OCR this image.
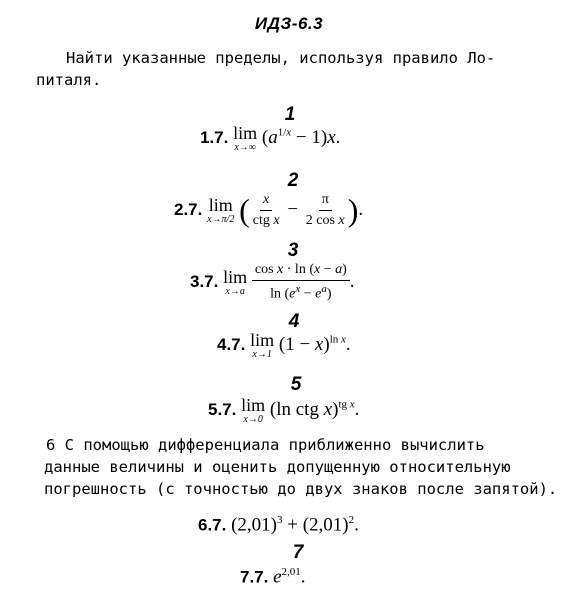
ИДЗ-6.3
Найти указанные пределы, используя правило Ло-
питаля.
1
1.7. lim
x→∞ $(a^{1/x} - 1)x$.
2
2.7. lim
x→π/2 ( $\frac{x}{\text{ctg x}} - \frac{\pi}{\text{2 cos x}}$ ).
3
3.7. lim
x→a
$\frac{\text{cos x · ln (x − a)}}{\ln (e^x - e^a)}$ .
4
4.7. lim
x→1 $(1 - x)^{ln x}$.
5
5.7. lim
x→0 (ln ctg x)$^{tg x}$.
6 С помощью дифференциала приближенно вычислить
данные величины и оценить допущенную относительную
погрешность (с точностью до двух знаков после запятой).
6.7. $(2,01)^3 + (2,01)^2$.
7
7.7. $e^{2,01}$.
